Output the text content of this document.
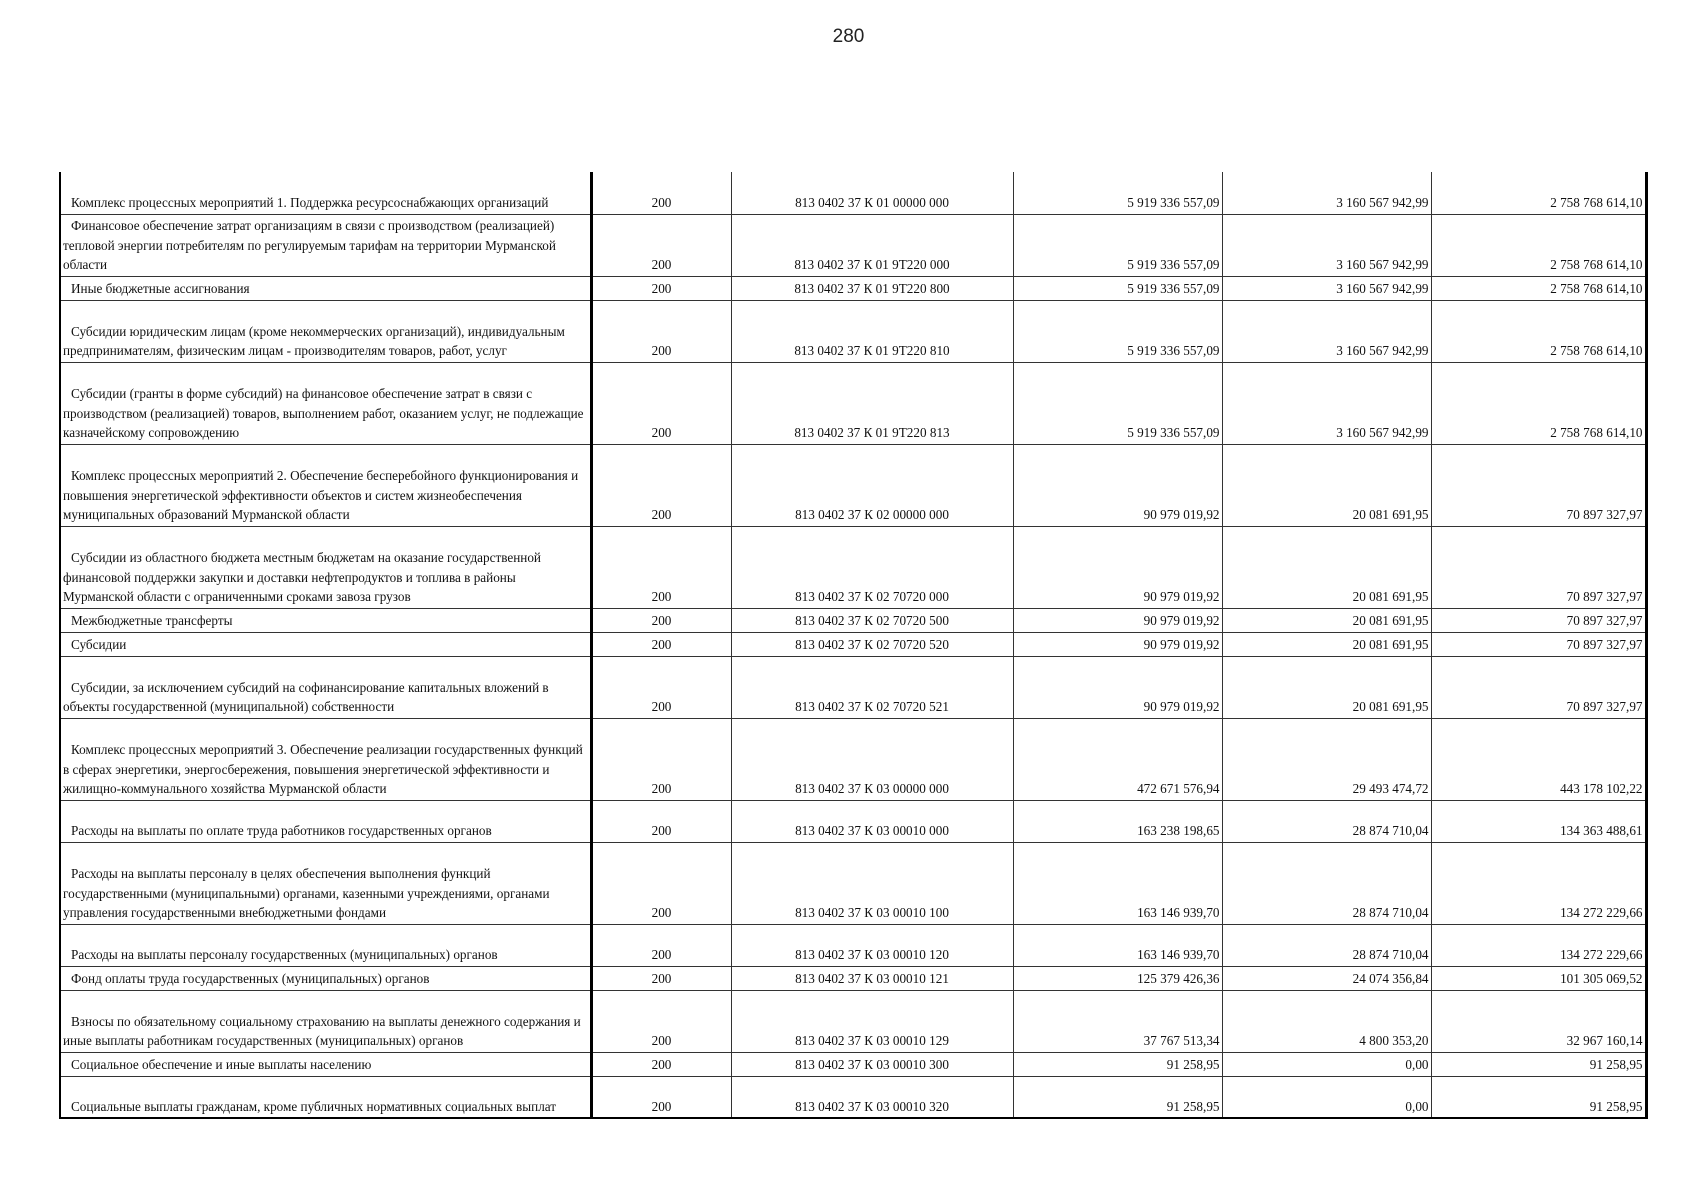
280
Комплекс процессных мероприятий 1. Поддержка ресурсоснабжающих организаций	200	813 0402 37 К 01 00000 000	5 919 336 557,09	3 160 567 942,99	2 758 768 614,10

Финансовое обеспечение затрат организациям в связи с производством (реализацией) тепловой энергии потребителям по регулируемым тарифам на территории Мурманской области	200	813 0402 37 К 01 9Т220 000	5 919 336 557,09	3 160 567 942,99	2 758 768 614,10

Иные бюджетные ассигнования	200	813 0402 37 К 01 9Т220 800	5 919 336 557,09	3 160 567 942,99	2 758 768 614,10

Субсидии юридическим лицам (кроме некоммерческих организаций), индивидуальным предпринимателям, физическим лицам - производителям товаров, работ, услуг	200	813 0402 37 К 01 9Т220 810	5 919 336 557,09	3 160 567 942,99	2 758 768 614,10

Субсидии (гранты в форме субсидий) на финансовое обеспечение затрат в связи с производством (реализацией) товаров, выполнением работ, оказанием услуг, не подлежащие казначейскому сопровождению	200	813 0402 37 К 01 9Т220 813	5 919 336 557,09	3 160 567 942,99	2 758 768 614,10

Комплекс процессных мероприятий 2. Обеспечение бесперебойного функционирования и повышения энергетической эффективности объектов и систем жизнеобеспечения муниципальных образований Мурманской области	200	813 0402 37 К 02 00000 000	90 979 019,92	20 081 691,95	70 897 327,97

Субсидии из областного бюджета местным бюджетам на оказание государственной финансовой поддержки закупки и доставки нефтепродуктов и топлива в районы Мурманской области с ограниченными сроками завоза грузов	200	813 0402 37 К 02 70720 000	90 979 019,92	20 081 691,95	70 897 327,97

Межбюджетные трансферты	200	813 0402 37 К 02 70720 500	90 979 019,92	20 081 691,95	70 897 327,97

Субсидии	200	813 0402 37 К 02 70720 520	90 979 019,92	20 081 691,95	70 897 327,97

Субсидии, за исключением субсидий на софинансирование капитальных вложений в объекты государственной (муниципальной) собственности	200	813 0402 37 К 02 70720 521	90 979 019,92	20 081 691,95	70 897 327,97

Комплекс процессных мероприятий 3. Обеспечение реализации государственных функций в сферах энергетики, энергосбережения, повышения энергетической эффективности и жилищно-коммунального хозяйства Мурманской области	200	813 0402 37 К 03 00000 000	472 671 576,94	29 493 474,72	443 178 102,22

Расходы на выплаты по оплате труда работников государственных органов	200	813 0402 37 К 03 00010 000	163 238 198,65	28 874 710,04	134 363 488,61

Расходы на выплаты персоналу в целях обеспечения выполнения функций государственными (муниципальными) органами, казенными учреждениями, органами управления государственными внебюджетными фондами	200	813 0402 37 К 03 00010 100	163 146 939,70	28 874 710,04	134 272 229,66

Расходы на выплаты персоналу государственных (муниципальных) органов	200	813 0402 37 К 03 00010 120	163 146 939,70	28 874 710,04	134 272 229,66

Фонд оплаты труда государственных (муниципальных) органов	200	813 0402 37 К 03 00010 121	125 379 426,36	24 074 356,84	101 305 069,52

Взносы по обязательному социальному страхованию на выплаты денежного содержания и иные выплаты работникам государственных (муниципальных) органов	200	813 0402 37 К 03 00010 129	37 767 513,34	4 800 353,20	32 967 160,14

Социальное обеспечение и иные выплаты населению	200	813 0402 37 К 03 00010 300	91 258,95	0,00	91 258,95

Социальные выплаты гражданам, кроме публичных нормативных социальных выплат	200	813 0402 37 К 03 00010 320	91 258,95	0,00	91 258,95
